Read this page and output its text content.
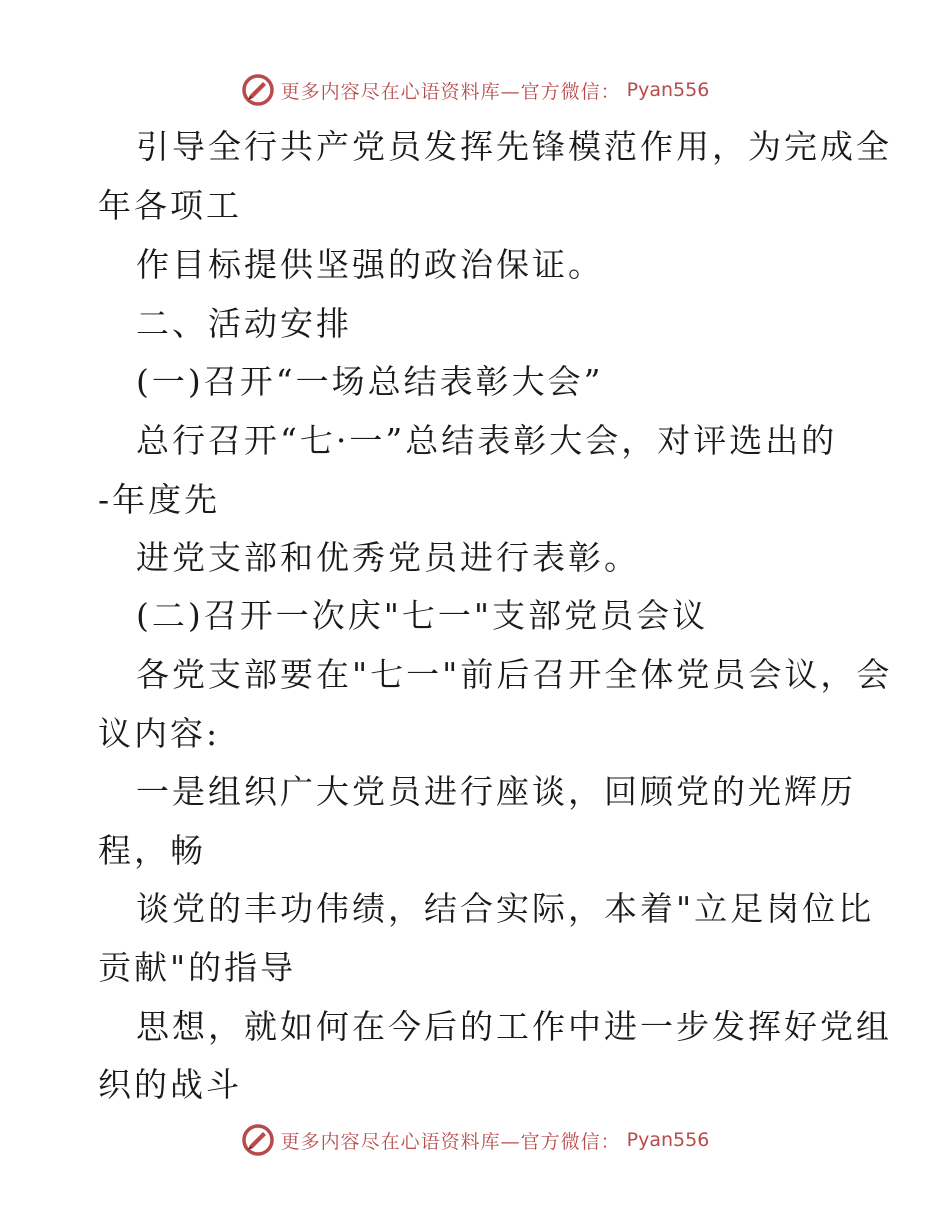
更多内容尽在心语资料库—官方微信： Pyan556
引导全行共产党员发挥先锋模范作用，为完成全
年各项工
作目标提供坚强的政治保证。
二、活动安排
(一)召开“一场总结表彰大会”
总行召开“七·一”总结表彰大会，对评选出的
-年度先
进党支部和优秀党员进行表彰。
(二)召开一次庆"七一"支部党员会议
各党支部要在"七一"前后召开全体党员会议，会
议内容:
一是组织广大党员进行座谈，回顾党的光辉历
程，畅
谈党的丰功伟绩，结合实际，本着"立足岗位比
贡献"的指导
思想，就如何在今后的工作中进一步发挥好党组
织的战斗
更多内容尽在心语资料库—官方微信： Pyan556
